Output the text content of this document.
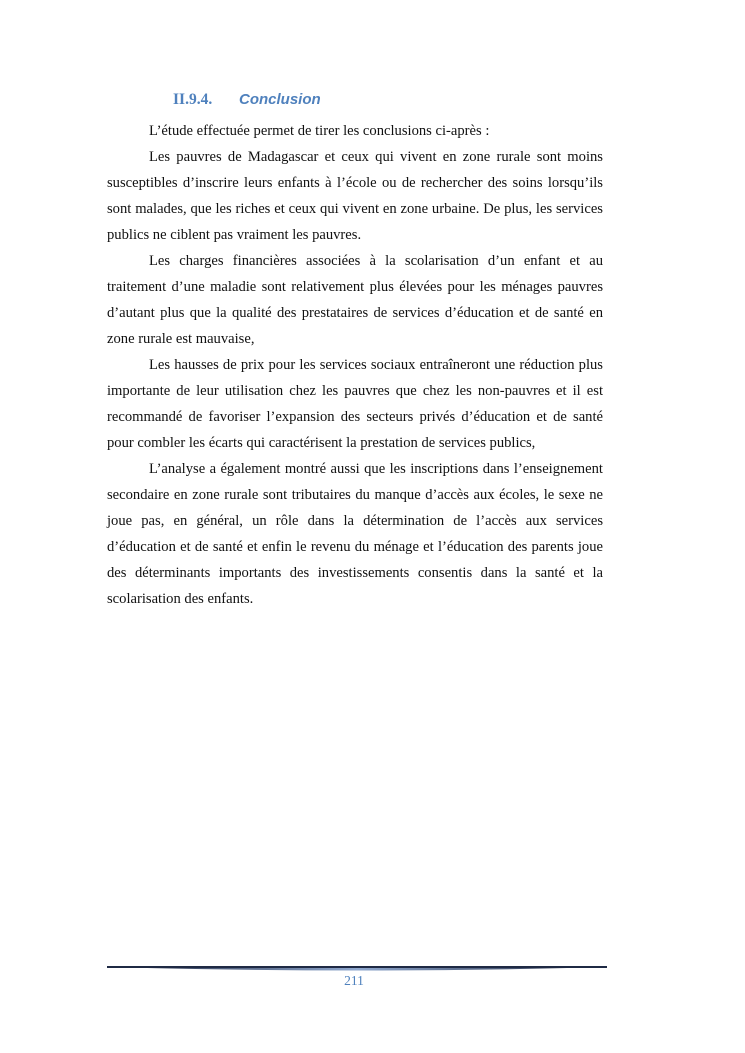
II.9.4. Conclusion

L’étude effectuée permet de tirer les conclusions ci-après :

Les pauvres de Madagascar et ceux qui vivent en zone rurale sont moins susceptibles d’inscrire leurs enfants à l’école ou de rechercher des soins lorsqu’ils sont malades, que les riches et ceux qui vivent en zone urbaine. De plus, les services publics ne ciblent pas vraiment les pauvres.

Les charges financières associées à la scolarisation d’un enfant et au traitement d’une maladie sont relativement plus élevées pour les ménages pauvres d’autant plus que la qualité des prestataires de services d’éducation et de santé en zone rurale est mauvaise,

Les hausses de prix pour les services sociaux entraîneront une réduction plus importante de leur utilisation chez les pauvres que chez les non-pauvres et il est recommandé de favoriser l’expansion des secteurs privés d’éducation et de santé pour combler les écarts qui caractérisent la prestation de services publics,

L’analyse a également montré aussi que les inscriptions dans l’enseignement secondaire en zone rurale sont tributaires du manque d’accès aux écoles, le sexe ne joue pas, en général, un rôle dans la détermination de l’accès aux services d’éducation et de santé et enfin le revenu du ménage et l’éducation des parents joue des déterminants importants des investissements consentis dans la santé et la scolarisation des enfants.

211
